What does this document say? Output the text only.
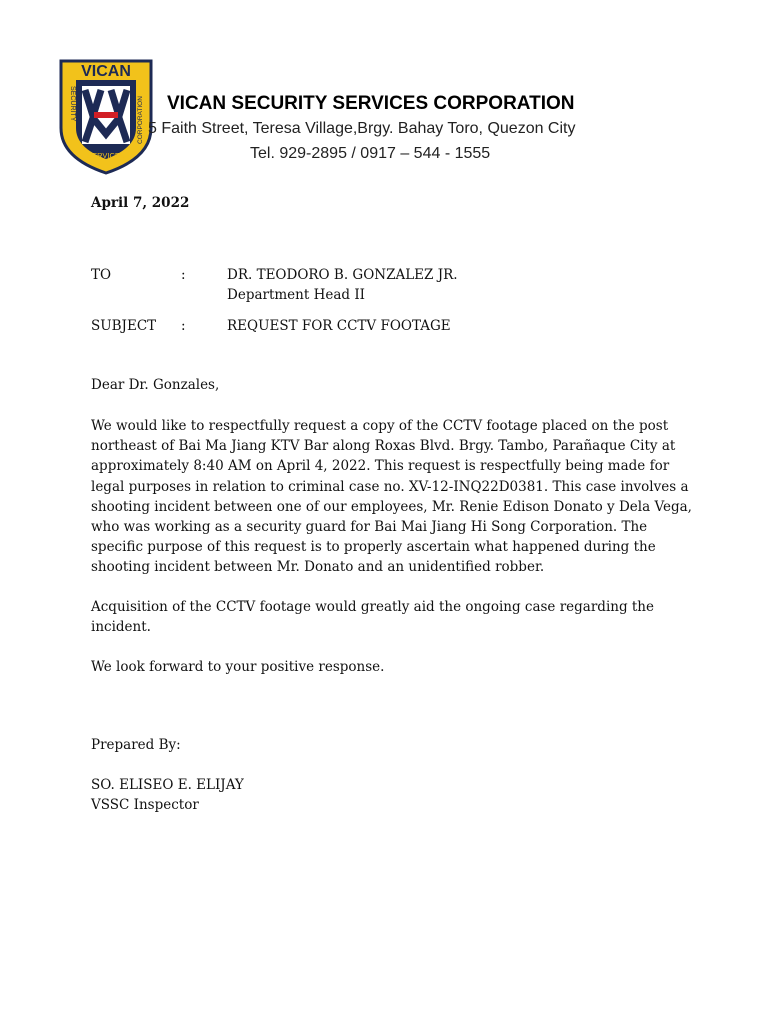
VICAN
SECURITY	CORPORATION
SERVICES
VICAN SECURITY SERVICES CORPORATION
5 Faith Street, Teresa Village,Brgy. Bahay Toro, Quezon City
Tel. 929-2895 / 0917 – 544 - 1555
April 7, 2022
TO	:	DR. TEODORO B. GONZALEZ JR.
Department Head II
SUBJECT :	REQUEST FOR CCTV FOOTAGE
Dear Dr. Gonzales,
We would like to respectfully request a copy of the CCTV footage placed on the post
northeast of Bai Ma Jiang KTV Bar along Roxas Blvd. Brgy. Tambo, Parañaque City at
approximately 8:40 AM on April 4, 2022. This request is respectfully being made for
legal purposes in relation to criminal case no. XV-12-INQ22D0381. This case involves a
shooting incident between one of our employees, Mr. Renie Edison Donato y Dela Vega,
who was working as a security guard for Bai Mai Jiang Hi Song Corporation. The
specific purpose of this request is to properly ascertain what happened during the
shooting incident between Mr. Donato and an unidentified robber.
Acquisition of the CCTV footage would greatly aid the ongoing case regarding the
incident.
We look forward to your positive response.
Prepared By:
SO. ELISEO E. ELIJAY
VSSC Inspector
